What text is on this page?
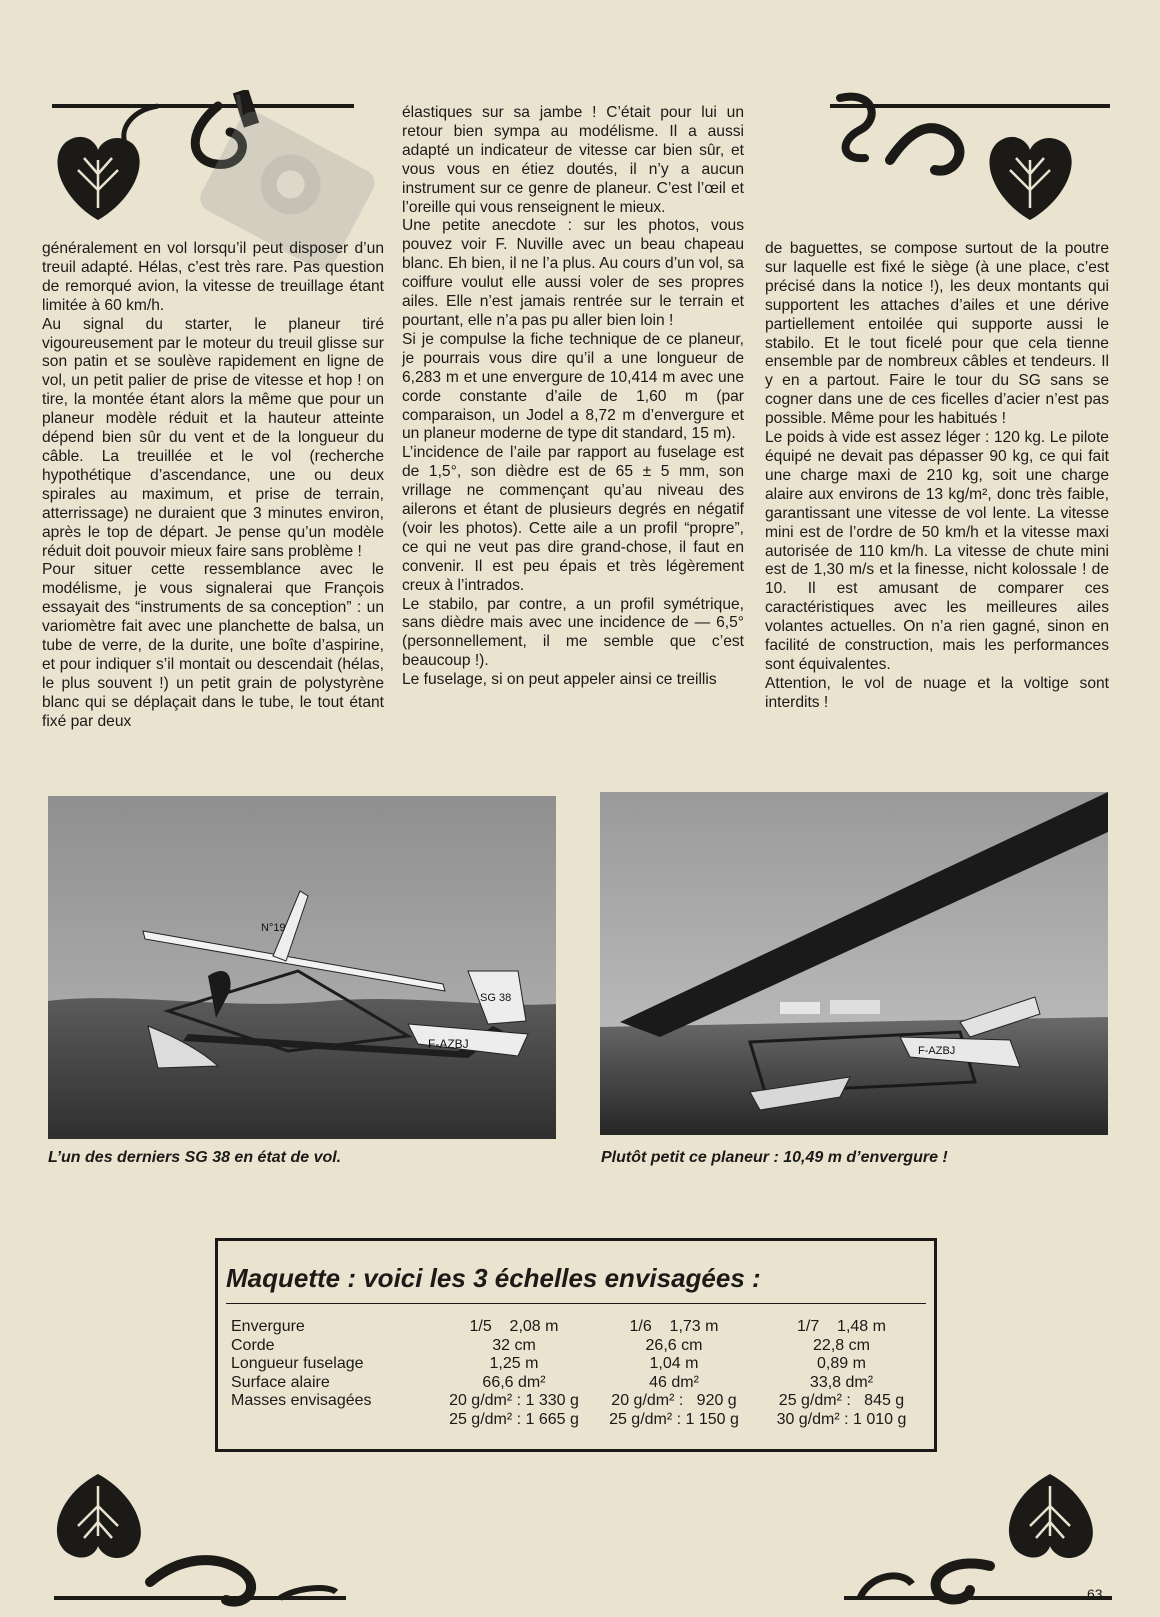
généralement en vol lorsqu’il peut disposer d’un treuil adapté. Hélas, c’est très rare. Pas question de remorqué avion, la vitesse de treuillage étant limitée à 60 km/h.

Au signal du starter, le planeur tiré vigoureusement par le moteur du treuil glisse sur son patin et se soulève rapidement en ligne de vol, un petit palier de prise de vitesse et hop ! on tire, la montée étant alors la même que pour un planeur modèle réduit et la hauteur atteinte dépend bien sûr du vent et de la longueur du câble. La treuillée et le vol (recherche hypothétique d’ascendance, une ou deux spirales au maximum, et prise de terrain, atterrissage) ne duraient que 3 minutes environ, après le top de départ. Je pense qu’un modèle réduit doit pouvoir mieux faire sans problème !

Pour situer cette ressemblance avec le modélisme, je vous signalerai que François essayait des “instruments de sa conception” : un variomètre fait avec une planchette de balsa, un tube de verre, de la durite, une boîte d’aspirine, et pour indiquer s’il montait ou descendait (hélas, le plus souvent !) un petit grain de polystyrène blanc qui se déplaçait dans le tube, le tout étant fixé par deux

élastiques sur sa jambe ! C’était pour lui un retour bien sympa au modélisme. Il a aussi adapté un indicateur de vitesse car bien sûr, et vous vous en étiez doutés, il n’y a aucun instrument sur ce genre de planeur. C’est l’œil et l’oreille qui vous renseignent le mieux.

Une petite anecdote : sur les photos, vous pouvez voir F. Nuville avec un beau chapeau blanc. Eh bien, il ne l’a plus. Au cours d’un vol, sa coiffure voulut elle aussi voler de ses propres ailes. Elle n’est jamais rentrée sur le terrain et pourtant, elle n’a pas pu aller bien loin !

Si je compulse la fiche technique de ce planeur, je pourrais vous dire qu’il a une longueur de 6,283 m et une envergure de 10,414 m avec une corde constante d’aile de 1,60 m (par comparaison, un Jodel a 8,72 m d’envergure et un planeur moderne de type dit standard, 15 m).

L’incidence de l’aile par rapport au fuselage est de 1,5°, son dièdre est de 65 ± 5 mm, son vrillage ne commençant qu’au niveau des ailerons et étant de plusieurs degrés en négatif (voir les photos). Cette aile a un profil “propre”, ce qui ne veut pas dire grand-chose, il faut en convenir. Il est peu épais et très légèrement creux à l’intrados.

Le stabilo, par contre, a un profil symétrique, sans dièdre mais avec une incidence de — 6,5° (personnellement, il me semble que c’est beaucoup !).

Le fuselage, si on peut appeler ainsi ce treillis

de baguettes, se compose surtout de la poutre sur laquelle est fixé le siège (à une place, c’est précisé dans la notice !), les deux montants qui supportent les attaches d’ailes et une dérive partiellement entoilée qui supporte aussi le stabilo. Et le tout ficelé pour que cela tienne ensemble par de nombreux câbles et tendeurs. Il y en a partout. Faire le tour du SG sans se cogner dans une de ces ficelles d’acier n’est pas possible. Même pour les habitués !

Le poids à vide est assez léger : 120 kg. Le pilote équipé ne devait pas dépasser 90 kg, ce qui fait une charge maxi de 210 kg, soit une charge alaire aux environs de 13 kg/m², donc très faible, garantissant une vitesse de vol lente. La vitesse mini est de l’ordre de 50 km/h et la vitesse maxi autorisée de 110 km/h. La vitesse de chute mini est de 1,30 m/s et la finesse, nicht kolossale ! de 10. Il est amusant de comparer ces caractéristiques avec les meilleures ailes volantes actuelles. On n’a rien gagné, sinon en facilité de construction, mais les performances sont équivalentes.

Attention, le vol de nuage et la voltige sont interdits !

N°19
SG 38
F-AZBJ	F-AZBJ
L’un des derniers SG 38 en état de vol.	Plutôt petit ce planeur : 10,49 m d’envergure !
Maquette : voici les 3 échelles envisagées :
Envergure	1/5    2,08 m	1/6    1,73 m	1/7    1,48 m
Corde	32 cm	26,6 cm	22,8 cm
Longueur fuselage	1,25 m	1,04 m	0,89 m
Surface alaire	66,6 dm²	46 dm²	33,8 dm²
Masses envisagées	20 g/dm² : 1 330 g	20 g/dm² :   920 g	25 g/dm² :   845 g
	25 g/dm² : 1 665 g	25 g/dm² : 1 150 g	30 g/dm² : 1 010 g
63
